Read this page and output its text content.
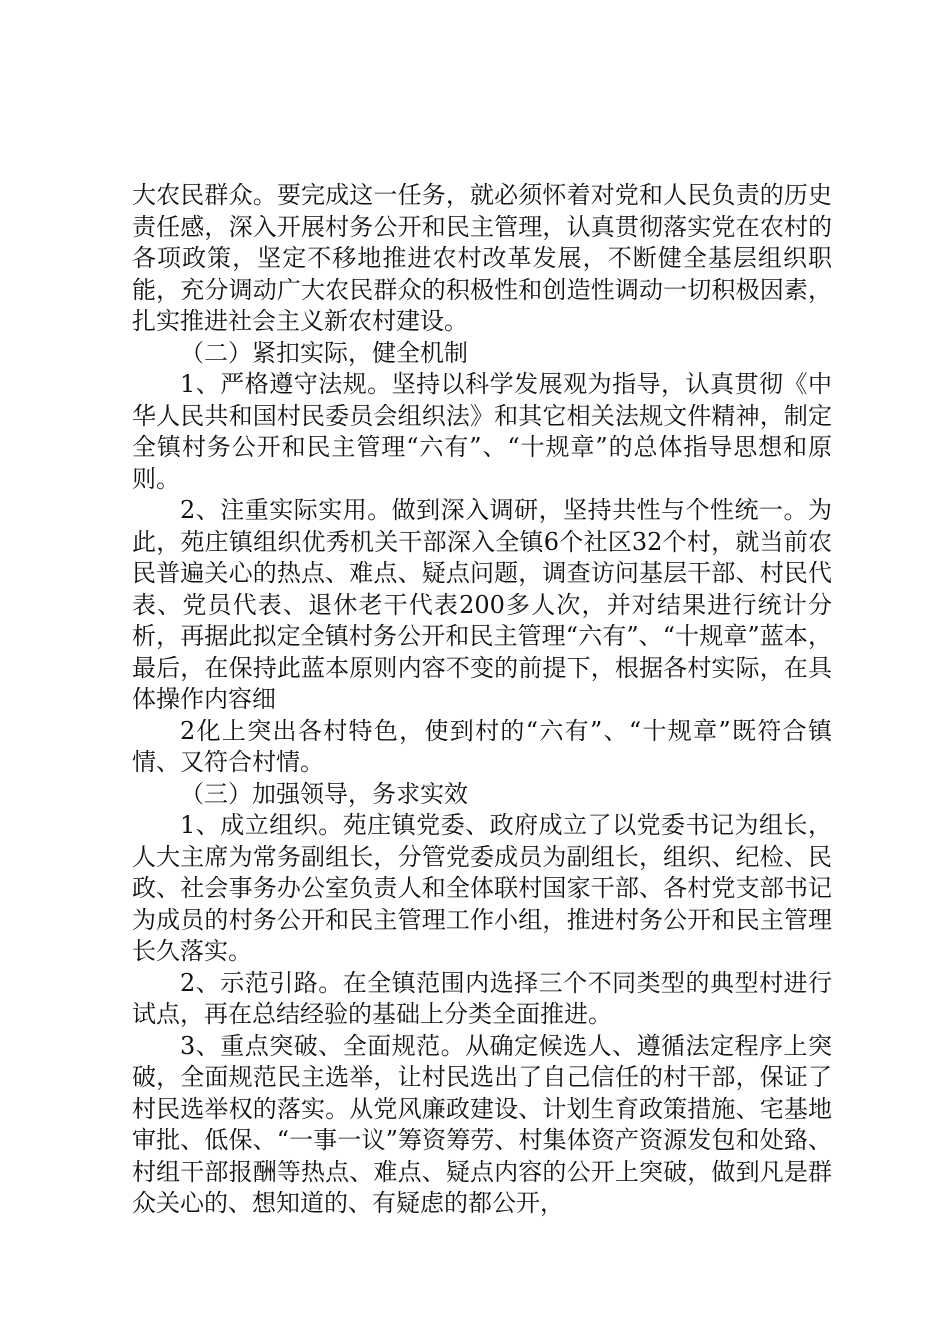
大农民群众。要完成这一任务，就必须怀着对党和人民负责的历史责任感，深入开展村务公开和民主管理，认真贯彻落实党在农村的各项政策，坚定不移地推进农村改革发展，不断健全基层组织职能，充分调动广大农民群众的积极性和创造性调动一切积极因素，扎实推进社会主义新农村建设。

（二）紧扣实际，健全机制

1、严格遵守法规。坚持以科学发展观为指导，认真贯彻《中华人民共和国村民委员会组织法》和其它相关法规文件精神，制定全镇村务公开和民主管理“六有”、“十规章”的总体指导思想和原则。

2、注重实际实用。做到深入调研，坚持共性与个性统一。为此，苑庄镇组织优秀机关干部深入全镇6个社区32个村，就当前农民普遍关心的热点、难点、疑点问题，调查访问基层干部、村民代表、党员代表、退休老干代表200多人次，并对结果进行统计分析，再据此拟定全镇村务公开和民主管理“六有”、“十规章”蓝本，最后，在保持此蓝本原则内容不变的前提下，根据各村实际，在具体操作内容细

2化上突出各村特色，使到村的“六有”、“十规章”既符合镇情、又符合村情。

（三）加强领导，务求实效

1、成立组织。苑庄镇党委、政府成立了以党委书记为组长，人大主席为常务副组长，分管党委成员为副组长，组织、纪检、民政、社会事务办公室负责人和全体联村国家干部、各村党支部书记为成员的村务公开和民主管理工作小组，推进村务公开和民主管理长久落实。

2、示范引路。在全镇范围内选择三个不同类型的典型村进行试点，再在总结经验的基础上分类全面推进。

3、重点突破、全面规范。从确定候选人、遵循法定程序上突破，全面规范民主选举，让村民选出了自己信任的村干部，保证了村民选举权的落实。从党风廉政建设、计划生育政策措施、宅基地审批、低保、“一事一议”筹资筹劳、村集体资产资源发包和处臵、村组干部报酬等热点、难点、疑点内容的公开上突破，做到凡是群众关心的、想知道的、有疑虑的都公开，
